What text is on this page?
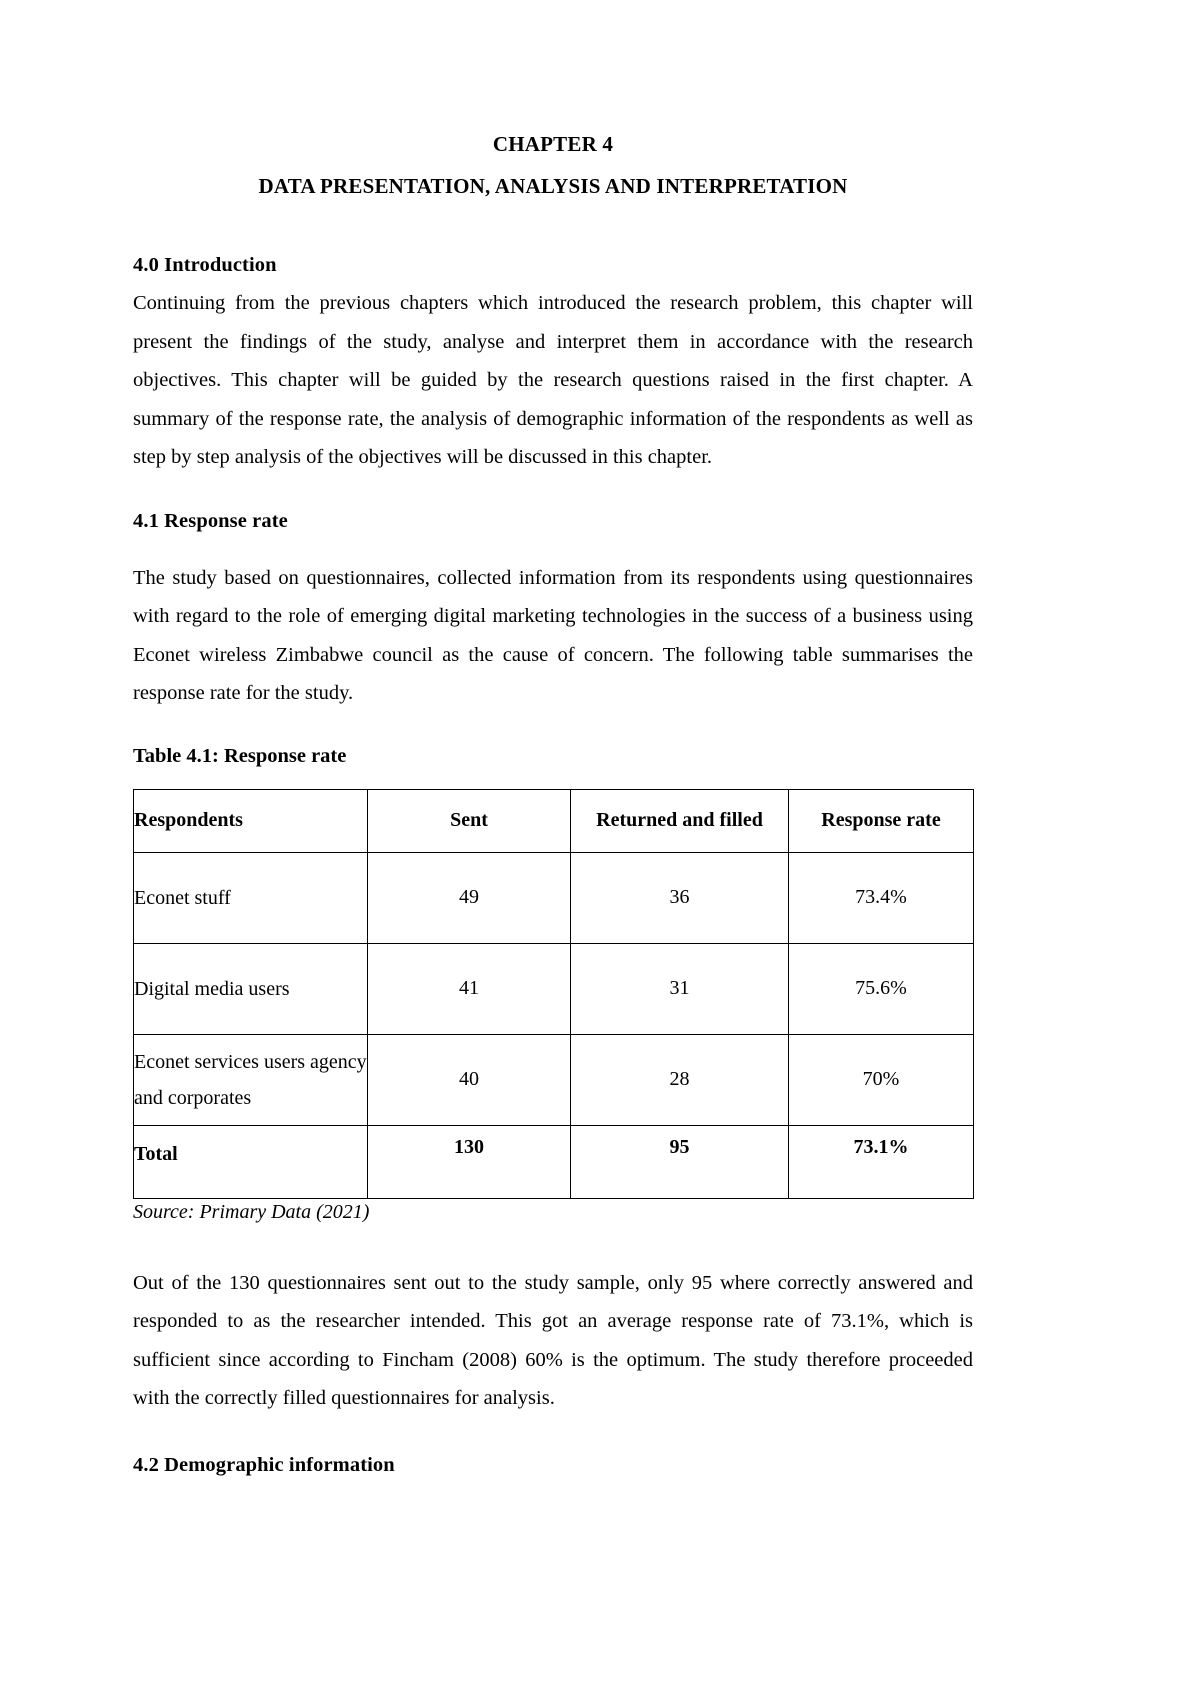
CHAPTER 4
DATA PRESENTATION, ANALYSIS AND INTERPRETATION
4.0 Introduction

Continuing from the previous chapters which introduced the research problem, this chapter will present the findings of the study, analyse and interpret them in accordance with the research objectives. This chapter will be guided by the research questions raised in the first chapter. A summary of the response rate, the analysis of demographic information of the respondents as well as step by step analysis of the objectives will be discussed in this chapter.

4.1 Response rate

The study based on questionnaires, collected information from its respondents using questionnaires with regard to the role of emerging digital marketing technologies in the success of a business using Econet wireless Zimbabwe council as the cause of concern. The following table summarises the response rate for the study.

Table 4.1: Response rate

Respondents	Sent	Returned and filled	Response rate
Econet stuff	49	36	73.4%
Digital media users	41	31	75.6%
Econet services users agency and corporates	40	28	70%
Total	130	95	73.1%

Source: Primary Data (2021)

Out of the 130 questionnaires sent out to the study sample, only 95 where correctly answered and responded to as the researcher intended. This got an average response rate of 73.1%, which is sufficient since according to Fincham (2008) 60% is the optimum. The study therefore proceeded with the correctly filled questionnaires for analysis.

4.2 Demographic information
